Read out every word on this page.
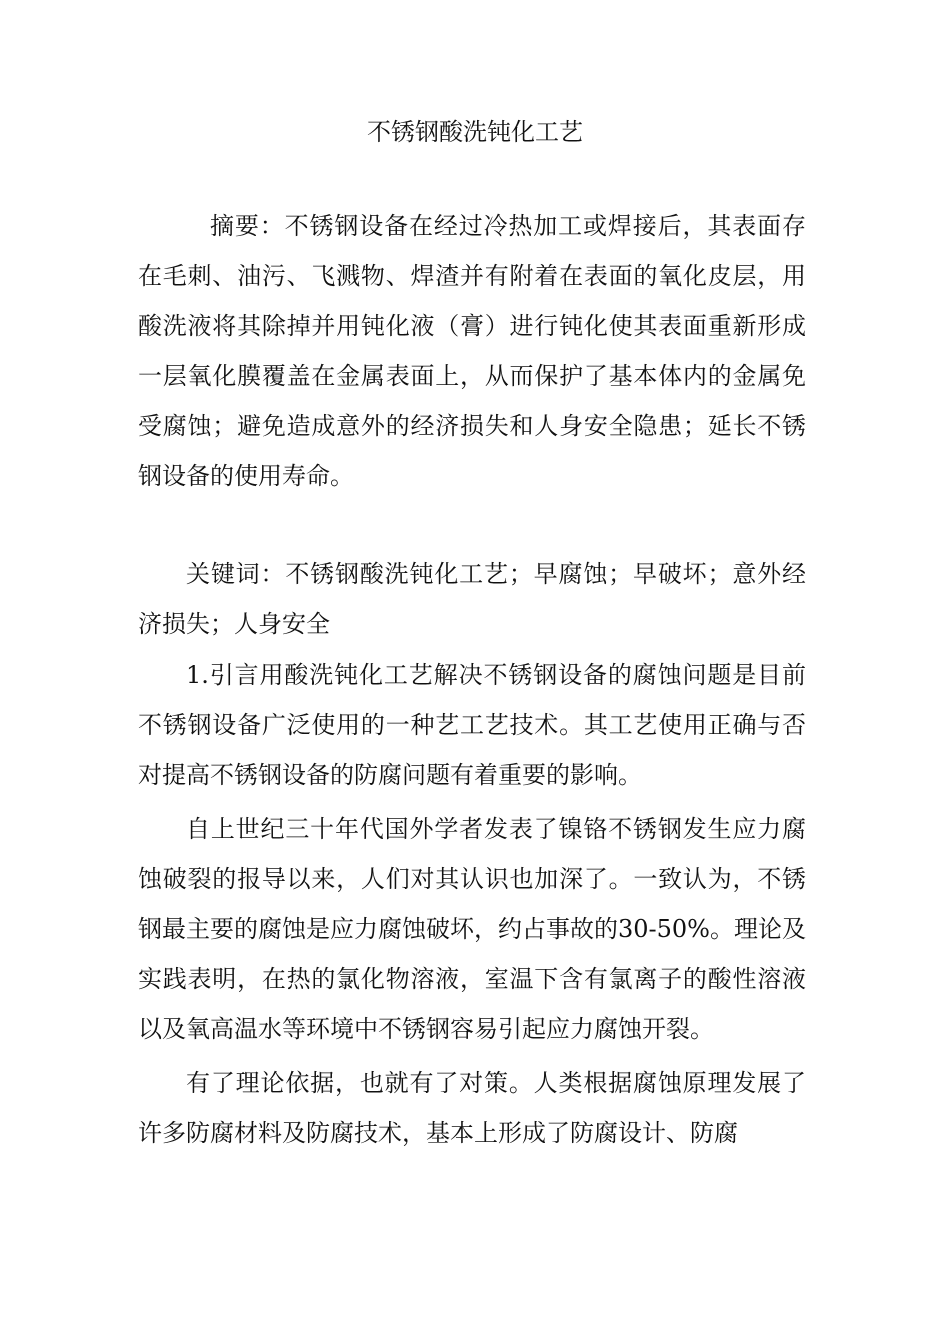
不锈钢酸洗钝化工艺

摘要：不锈钢设备在经过冷热加工或焊接后，其表面存在毛刺、油污、飞溅物、焊渣并有附着在表面的氧化皮层，用酸洗液将其除掉并用钝化液（膏）进行钝化使其表面重新形成一层氧化膜覆盖在金属表面上，从而保护了基本体内的金属免受腐蚀；避免造成意外的经济损失和人身安全隐患；延长不锈钢设备的使用寿命。

关键词：不锈钢酸洗钝化工艺；早腐蚀；早破坏；意外经济损失；人身安全

1.引言用酸洗钝化工艺解决不锈钢设备的腐蚀问题是目前不锈钢设备广泛使用的一种艺工艺技术。其工艺使用正确与否对提高不锈钢设备的防腐问题有着重要的影响。

自上世纪三十年代国外学者发表了镍铬不锈钢发生应力腐蚀破裂的报导以来，人们对其认识也加深了。一致认为，不锈钢最主要的腐蚀是应力腐蚀破坏，约占事故的30-50%。理论及实践表明，在热的氯化物溶液，室温下含有氯离子的酸性溶液以及氧高温水等环境中不锈钢容易引起应力腐蚀开裂。

有了理论依据，也就有了对策。人类根据腐蚀原理发展了许多防腐材料及防腐技术，基本上形成了防腐设计、防腐
